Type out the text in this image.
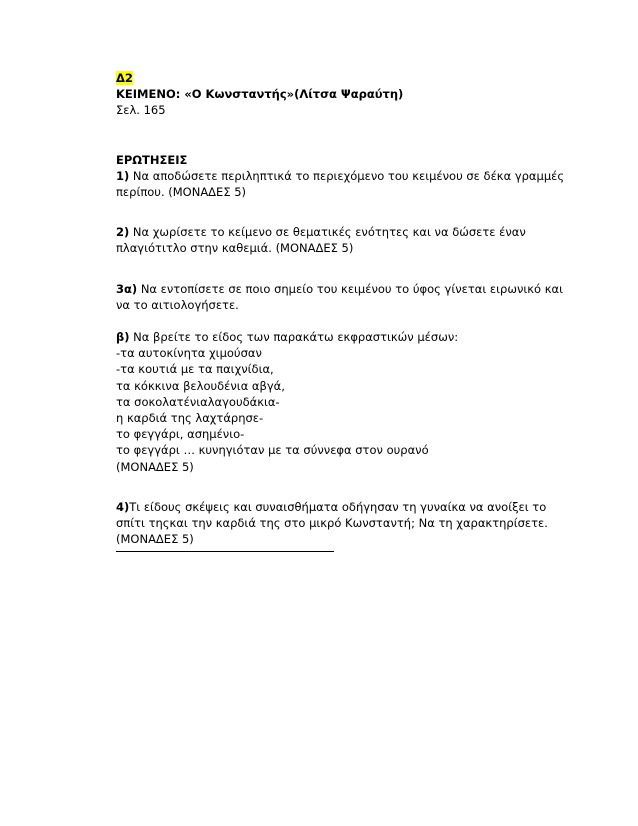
Δ2
ΚΕΙΜΕΝΟ: «Ο Κωνσταντής»(Λίτσα Ψαραύτη)
Σελ. 165
ΕΡΩΤΗΣΕΙΣ
1) Να αποδώσετε περιληπτικά το περιεχόμενο του κειμένου σε δέκα γραμμές
περίπου. (ΜΟΝΑΔΕΣ 5)
2) Να χωρίσετε το κείμενο σε θεματικές ενότητες και να δώσετε έναν
πλαγιότιτλο στην καθεμιά. (ΜΟΝΑΔΕΣ 5)
3α) Να εντοπίσετε σε ποιο σημείο του κειμένου το ύφος γίνεται ειρωνικό και
να το αιτιολογήσετε.
β) Να βρείτε το είδος των παρακάτω εκφραστικών μέσων:
-τα αυτοκίνητα χιμούσαν
-τα κουτιά με τα παιχνίδια,
τα κόκκινα βελουδένια αβγά,
τα σοκολατένιαλαγουδάκια-
η καρδιά της λαχτάρησε-
το φεγγάρι, ασημένιο-
το φεγγάρι … κυνηγιόταν με τα σύννεφα στον ουρανό
(ΜΟΝΑΔΕΣ 5)
4)Τι είδους σκέψεις και συναισθήματα οδήγησαν τη γυναίκα να ανοίξει το
σπίτι τηςκαι την καρδιά της στο μικρό Κωνσταντή; Να τη χαρακτηρίσετε.
(ΜΟΝΑΔΕΣ 5)
